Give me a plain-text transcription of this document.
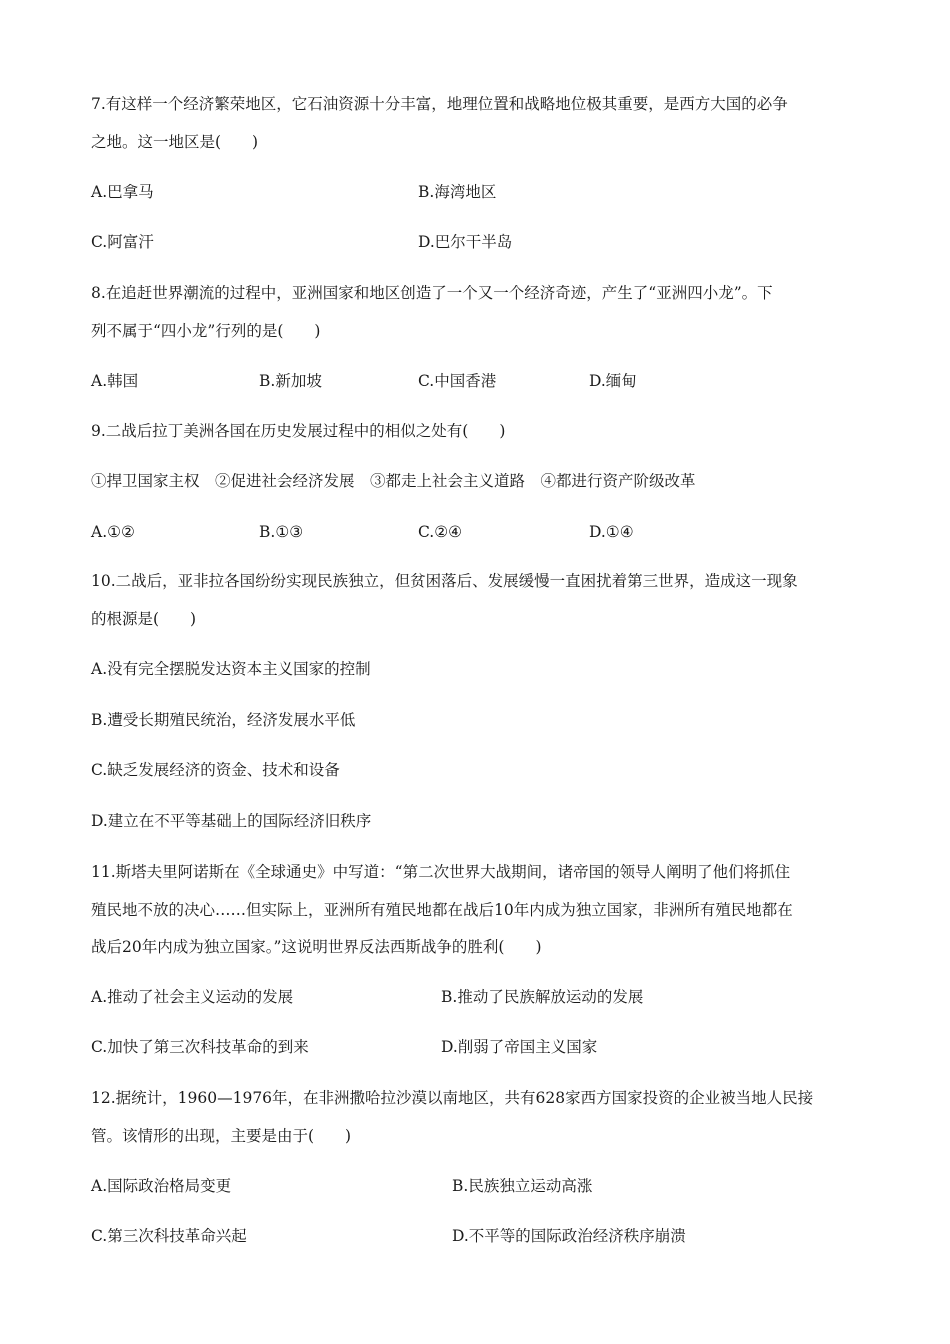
7.有这样一个经济繁荣地区，它石油资源十分丰富，地理位置和战略地位极其重要，是西方大国的必争
之地。这一地区是(　　)
A.巴拿马	B.海湾地区
C.阿富汗	D.巴尔干半岛
8.在追赶世界潮流的过程中，亚洲国家和地区创造了一个又一个经济奇迹，产生了“亚洲四小龙”。下
列不属于“四小龙”行列的是(　　)
A.韩国	B.新加坡	C.中国香港	D.缅甸
9.二战后拉丁美洲各国在历史发展过程中的相似之处有(　　)
①捍卫国家主权　②促进社会经济发展　③都走上社会主义道路　④都进行资产阶级改革
A.①②	B.①③	C.②④	D.①④
10.二战后，亚非拉各国纷纷实现民族独立，但贫困落后、发展缓慢一直困扰着第三世界，造成这一现象
的根源是(　　)
A.没有完全摆脱发达资本主义国家的控制
B.遭受长期殖民统治，经济发展水平低
C.缺乏发展经济的资金、技术和设备
D.建立在不平等基础上的国际经济旧秩序
11.斯塔夫里阿诺斯在《全球通史》中写道：“第二次世界大战期间，诸帝国的领导人阐明了他们将抓住
殖民地不放的决心……但实际上，亚洲所有殖民地都在战后10年内成为独立国家，非洲所有殖民地都在
战后20年内成为独立国家。”这说明世界反法西斯战争的胜利(　　)
A.推动了社会主义运动的发展	B.推动了民族解放运动的发展
C.加快了第三次科技革命的到来	D.削弱了帝国主义国家
12.据统计，1960—1976年，在非洲撒哈拉沙漠以南地区，共有628家西方国家投资的企业被当地人民接
管。该情形的出现，主要是由于(　　)
A.国际政治格局变更	B.民族独立运动高涨
C.第三次科技革命兴起	D.不平等的国际政治经济秩序崩溃
